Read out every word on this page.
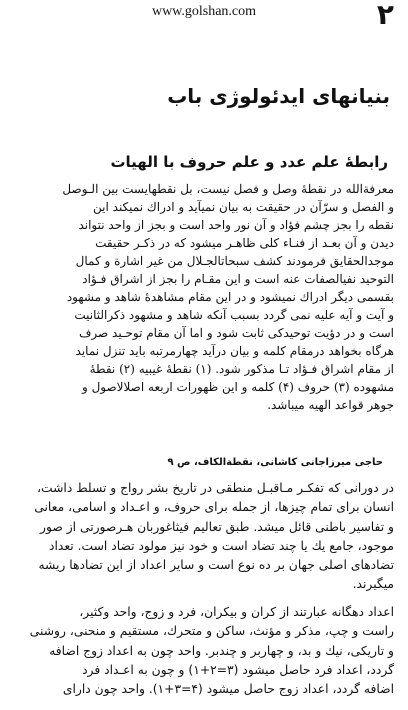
www.golshan.com	۲
بنیانهای ایدئولوژی باب
رابطهٔ علم عدد و علم حروف با الهیات
معرفةالله در نقطهٔ وصل و فصل نیست، بل نقطهایست بین الـوصل
و الفصل و سرّآن در حقیقت به بیان نمیآید و ادراك نمیکند این
نقطه را بجز چشم فؤاد و آن نور واحد است و بجز از واحد نتواند
دیدن و آن بعـد از فنـاء کلی ظاهـر میشود که در ذکـر حقیقت
موجدالحقایق فرمودند کشف سبحاتالجـلال من غیر اشارة و کمال
التوحید نفیالصفات عنه است و این مقـام را بجز از اشراق فـؤاد
بقسمی دیگر ادراك نمیشود و در این مقام مشاهدهٔ شاهد و مشهود
و آیت و آیه علیه نمی گردد بسبب آنکه شاهد و مشهود ذکرالثانیت
است و در دؤیت توحیدکی ثابت شود و اما آن مقام توحـید صرف
هرگاه بخواهد درمقام کلمه و بیان درآید چهارمرتبه باید تنزل نماید
از مقام اشراق فـؤاد تـا مذکور شود. (۱) نقطهٔ غیبیه (۲) نقطهٔ
مشهوده (۳) حروف (۴) کلمه و این ظهورات اربعه اصلالاصول و
جوهر قواعد الهیه میباشد.
حاجی میرزاجانی کاشانی، نقطةالکاف، ص ۹
در دورانی که تفکـر مـاقبـل منطقی در تاریخ بشر رواج و تسلط داشت،
انسان برای تمام چیزها، از جمله برای حروف، و اعـداد و اسامی، معانی
و تفاسیر باطنی قائل میشد. طبق تعالیم فیثاغوربان هـرصورتی از صور
موجود، جامع یك یا چند تضاد است و خود نیز مولود تضاد است. تعداد
تضادهای اصلی جهان بر ده نوع است و سایر اعداد از این تضادها ریشه
میگیرند.
اعداد دهگانه عبارتند از کران و بیکران، فرد و زوج، واحد وکثیر،
راست و چپ، مذکر و مؤنث، ساکن و متحرك، مستقیم و منحنی، روشنی
و تاریکی، نیك و بد، و چهاربر و چندبر. واحد چون به اعداد زوج اضافه
گردد، اعداد فرد حاصل میشود (۳=۲+۱) و چون به اعـداد فرد
اضافه گردد، اعداد زوج حاصل میشود (۴=۳+۱). واحد چون دارای
